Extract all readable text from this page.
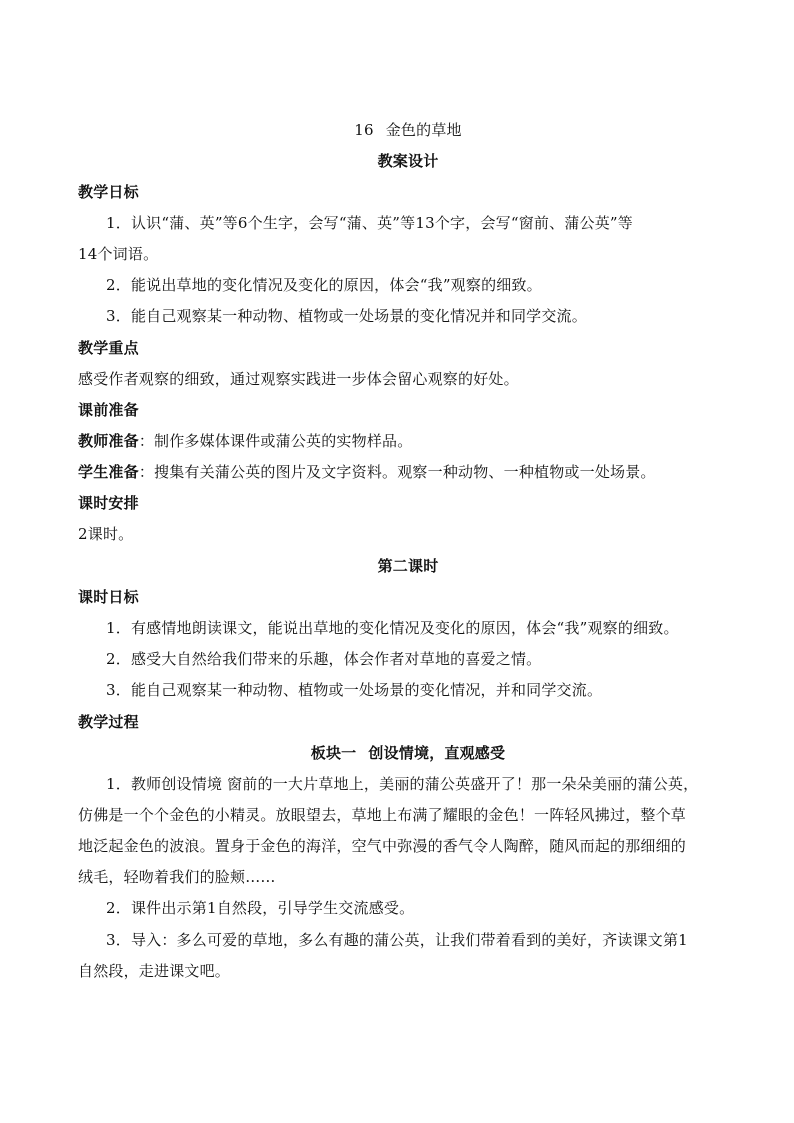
16 金色的草地
教案设计
教学日标
1．认识“蒲、英”等6个生字，会写“蒲、英”等13个字，会写“窗前、蒲公英”等
14个词语。
2．能说出草地的变化情况及变化的原因，体会“我”观察的细致。
3．能自己观察某一种动物、植物或一处场景的变化情况并和同学交流。
教学重点
感受作者观察的细致，通过观察实践进一步体会留心观察的好处。
课前准备
教师准备：制作多媒体课件或蒲公英的实物样品。
学生准备：搜集有关蒲公英的图片及文字资料。观察一种动物、一种植物或一处场景。
课时安排
2课时。
第二课时
课时日标
1．有感情地朗读课文，能说出草地的变化情况及变化的原因，体会“我”观察的细致。
2．感受大自然给我们带来的乐趣，体会作者对草地的喜爱之情。
3．能自己观察某一种动物、植物或一处场景的变化情况，并和同学交流。
教学过程
板块一 创设情境，直观感受
1．教师创设情境 窗前的一大片草地上，美丽的蒲公英盛开了！那一朵朵美丽的蒲公英，
仿佛是一个个金色的小精灵。放眼望去，草地上布满了耀眼的金色！一阵轻风拂过，整个草
地泛起金色的波浪。置身于金色的海洋，空气中弥漫的香气令人陶醉，随风而起的那细细的
绒毛，轻吻着我们的脸颊……
2．课件出示第1自然段，引导学生交流感受。
3．导入：多么可爱的草地，多么有趣的蒲公英，让我们带着看到的美好，齐读课文第1
自然段，走进课文吧。
